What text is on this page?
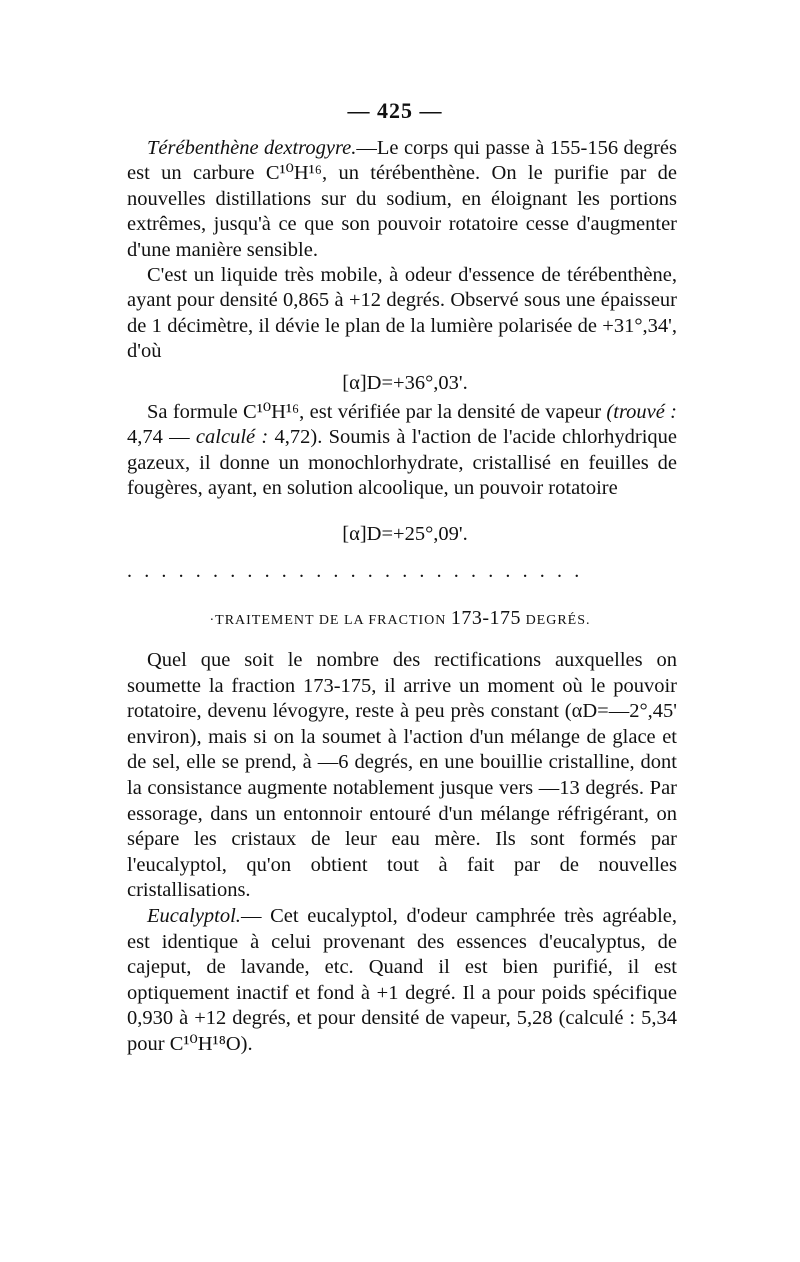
— 425 —

Térébenthène dextrogyre.—Le corps qui passe à 155-156 degrés est un carbure C¹⁰H¹⁶, un térébenthène. On le purifie par de nouvelles distillations sur du sodium, en éloignant les portions extrêmes, jusqu'à ce que son pouvoir rotatoire cesse d'augmenter d'une manière sensible.

C'est un liquide très mobile, à odeur d'essence de térébenthène, ayant pour densité 0,865 à +12 degrés. Observé sous une épaisseur de 1 décimètre, il dévie le plan de la lumière polarisée de +31°,34', d'où

[α]D=+36°,03'.

Sa formule C¹⁰H¹⁶, est vérifiée par la densité de vapeur (trouvé : 4,74 — calculé : 4,72). Soumis à l'action de l'acide chlorhydrique gazeux, il donne un monochlorhydrate, cristallisé en feuilles de fougères, ayant, en solution alcoolique, un pouvoir rotatoire

[α]D=+25°,09'.
...........................
·TRAITEMENT DE LA FRACTION 173-175 DEGRÉS.

Quel que soit le nombre des rectifications auxquelles on soumette la fraction 173-175, il arrive un moment où le pouvoir rotatoire, devenu lévogyre, reste à peu près constant (αD=—2°,45' environ), mais si on la soumet à l'action d'un mélange de glace et de sel, elle se prend, à —6 degrés, en une bouillie cristalline, dont la consistance augmente notablement jusque vers —13 degrés. Par essorage, dans un entonnoir entouré d'un mélange réfrigérant, on sépare les cristaux de leur eau mère. Ils sont formés par l'eucalyptol, qu'on obtient tout à fait par de nouvelles cristallisations.

Eucalyptol.— Cet eucalyptol, d'odeur camphrée très agréable, est identique à celui provenant des essences d'eucalyptus, de cajeput, de lavande, etc. Quand il est bien purifié, il est optiquement inactif et fond à +1 degré. Il a pour poids spécifique 0,930 à +12 degrés, et pour densité de vapeur, 5,28 (calculé : 5,34 pour C¹⁰H¹⁸O).
